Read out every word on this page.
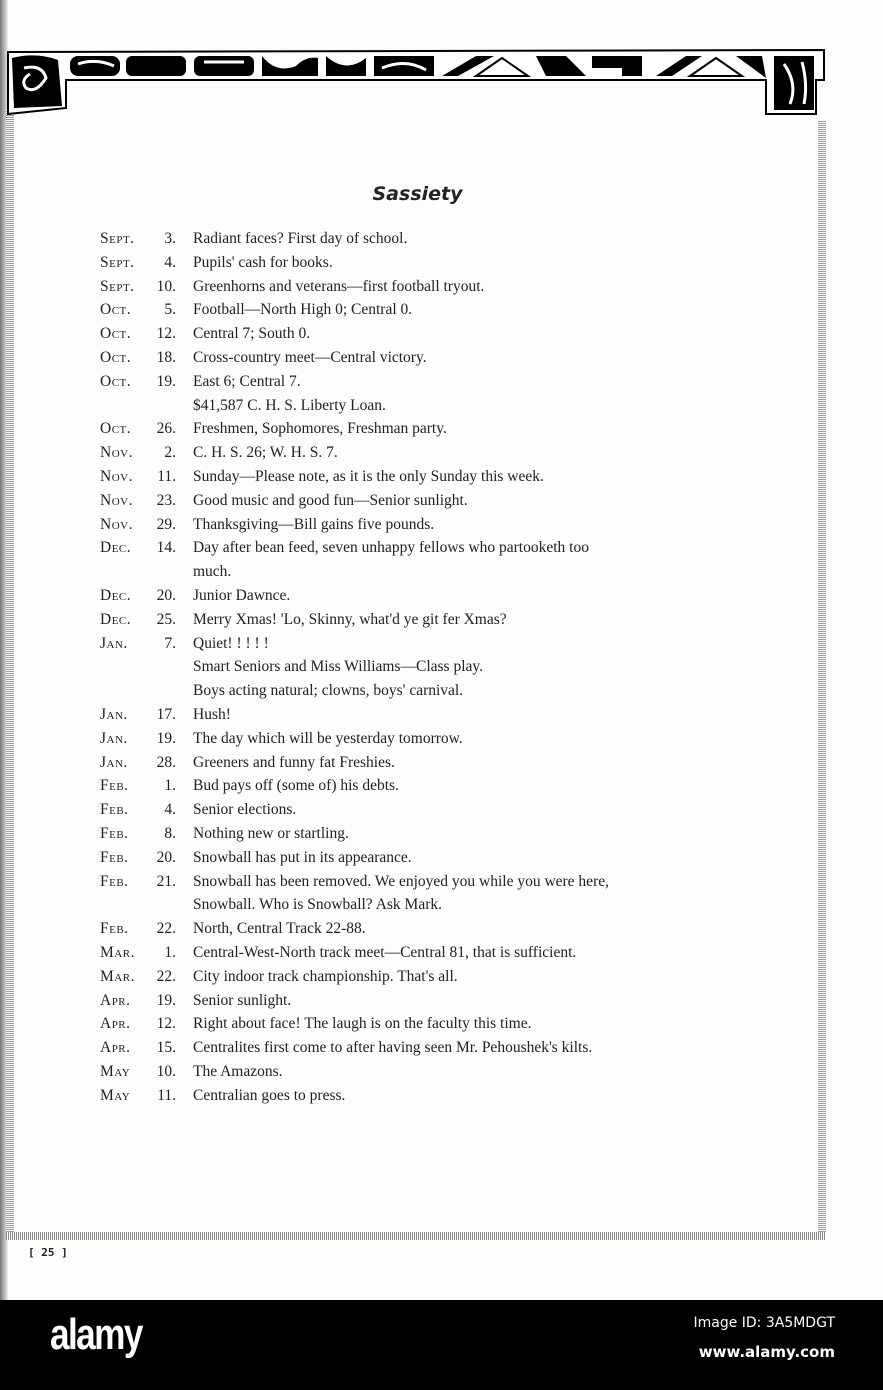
Sassiety
Sept.	3. Radiant faces? First day of school.
Sept.	4. Pupils' cash for books.
Sept.	10. Greenhorns and veterans—first football tryout.
Oct.	5. Football—North High 0; Central 0.
Oct.	12. Central 7; South 0.
Oct.	18. Cross-country meet—Central victory.
Oct.	19. East 6; Central 7.
$41,587 C. H. S. Liberty Loan.
Oct.	26. Freshmen, Sophomores, Freshman party.
Nov.	2. C. H. S. 26; W. H. S. 7.
Nov.	11. Sunday—Please note, as it is the only Sunday this week.
Nov.	23. Good music and good fun—Senior sunlight.
Nov.	29. Thanksgiving—Bill gains five pounds.
Dec.	14. Day after bean feed, seven unhappy fellows who partooketh too
much.
Dec.	20. Junior Dawnce.
Dec.	25. Merry Xmas! 'Lo, Skinny, what'd ye git fer Xmas?
Jan.	7. Quiet! ! ! ! !
Smart Seniors and Miss Williams—Class play.
Boys acting natural; clowns, boys' carnival.
Jan.	17. Hush!
Jan.	19. The day which will be yesterday tomorrow.
Jan.	28. Greeners and funny fat Freshies.
Feb.	1. Bud pays off (some of) his debts.
Feb.	4. Senior elections.
Feb.	8. Nothing new or startling.
Feb.	20. Snowball has put in its appearance.
Feb.	21. Snowball has been removed. We enjoyed you while you were here,
Snowball. Who is Snowball? Ask Mark.
Feb.	22. North, Central Track 22-88.
Mar.	1. Central-West-North track meet—Central 81, that is sufficient.
Mar.	22. City indoor track championship. That's all.
Apr.	19. Senior sunlight.
Apr.	12. Right about face! The laugh is on the faculty this time.
Apr.	15. Centralites first come to after having seen Mr. Pehoushek's kilts.
May	10. The Amazons.
May	11. Centralian goes to press.
[ 25 ]
alamy	Image ID: 3A5MDGT
www.alamy.com
